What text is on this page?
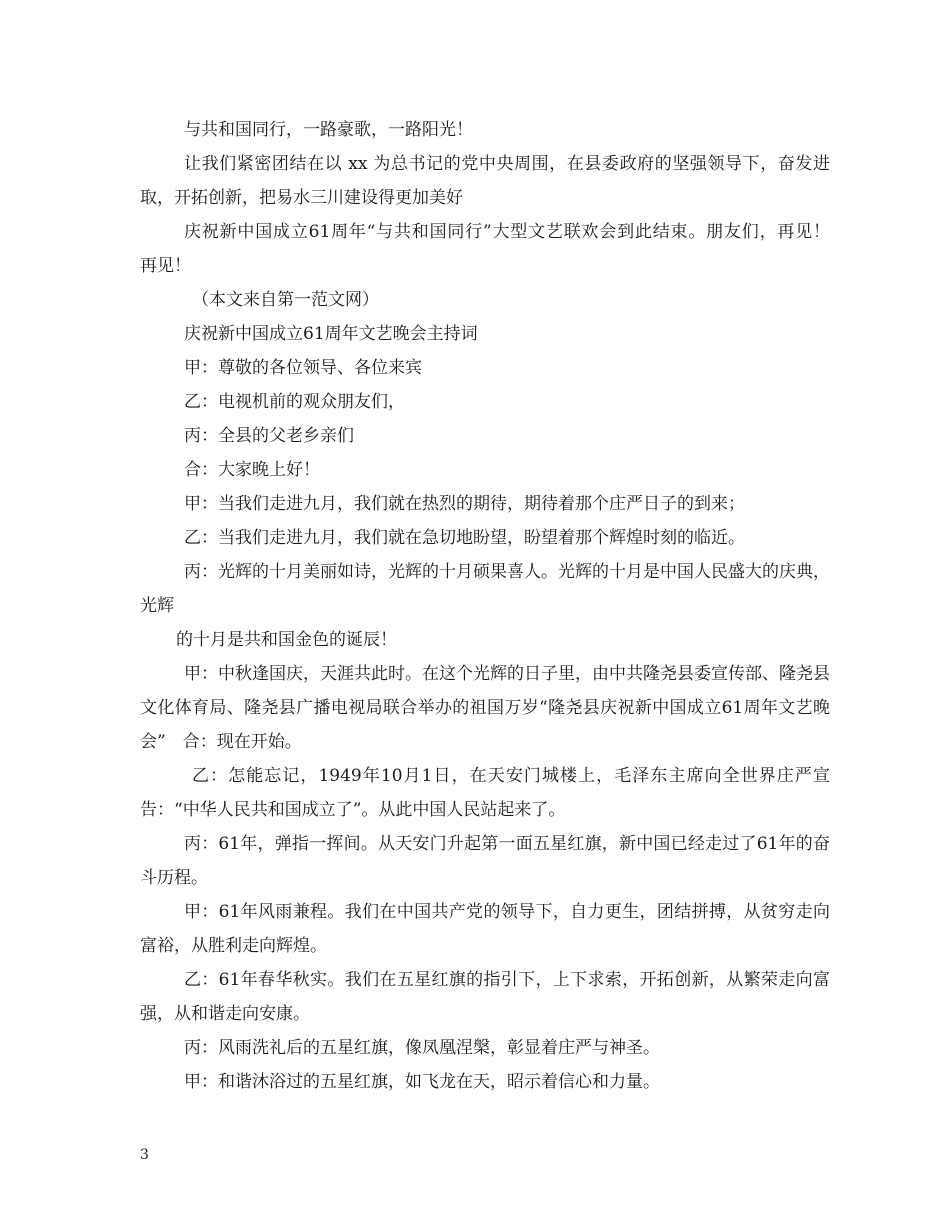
与共和国同行，一路豪歌，一路阳光！

让我们紧密团结在以 xx 为总书记的党中央周围，在县委政府的坚强领导下，奋发进取，开拓创新，把易水三川建设得更加美好

庆祝新中国成立61周年“与共和国同行”大型文艺联欢会到此结束。朋友们，再见！　再见！

（本文来自第一范文网）

庆祝新中国成立61周年文艺晚会主持词

甲：尊敬的各位领导、各位来宾

乙：电视机前的观众朋友们，

丙：全县的父老乡亲们

合：大家晚上好！

甲：当我们走进九月，我们就在热烈的期待，期待着那个庄严日子的到来；

乙：当我们走进九月，我们就在急切地盼望，盼望着那个辉煌时刻的临近。

丙：光辉的十月美丽如诗，光辉的十月硕果喜人。光辉的十月是中国人民盛大的庆典，光辉

的十月是共和国金色的诞辰！

甲：中秋逢国庆，天涯共此时。在这个光辉的日子里，由中共隆尧县委宣传部、隆尧县文化体育局、隆尧县广播电视局联合举办的祖国万岁“隆尧县庆祝新中国成立61周年文艺晚会”　合：现在开始。

乙：怎能忘记，1949年10月1日，在天安门城楼上，毛泽东主席向全世界庄严宣告：“中华人民共和国成立了”。从此中国人民站起来了。

丙：61年，弹指一挥间。从天安门升起第一面五星红旗，新中国已经走过了61年的奋斗历程。

甲：61年风雨兼程。我们在中国共产党的领导下，自力更生，团结拼搏，从贫穷走向富裕，从胜利走向辉煌。

乙：61年春华秋实。我们在五星红旗的指引下，上下求索，开拓创新，从繁荣走向富强，从和谐走向安康。

丙：风雨洗礼后的五星红旗，像凤凰涅槃，彰显着庄严与神圣。

甲：和谐沐浴过的五星红旗，如飞龙在天，昭示着信心和力量。

3
